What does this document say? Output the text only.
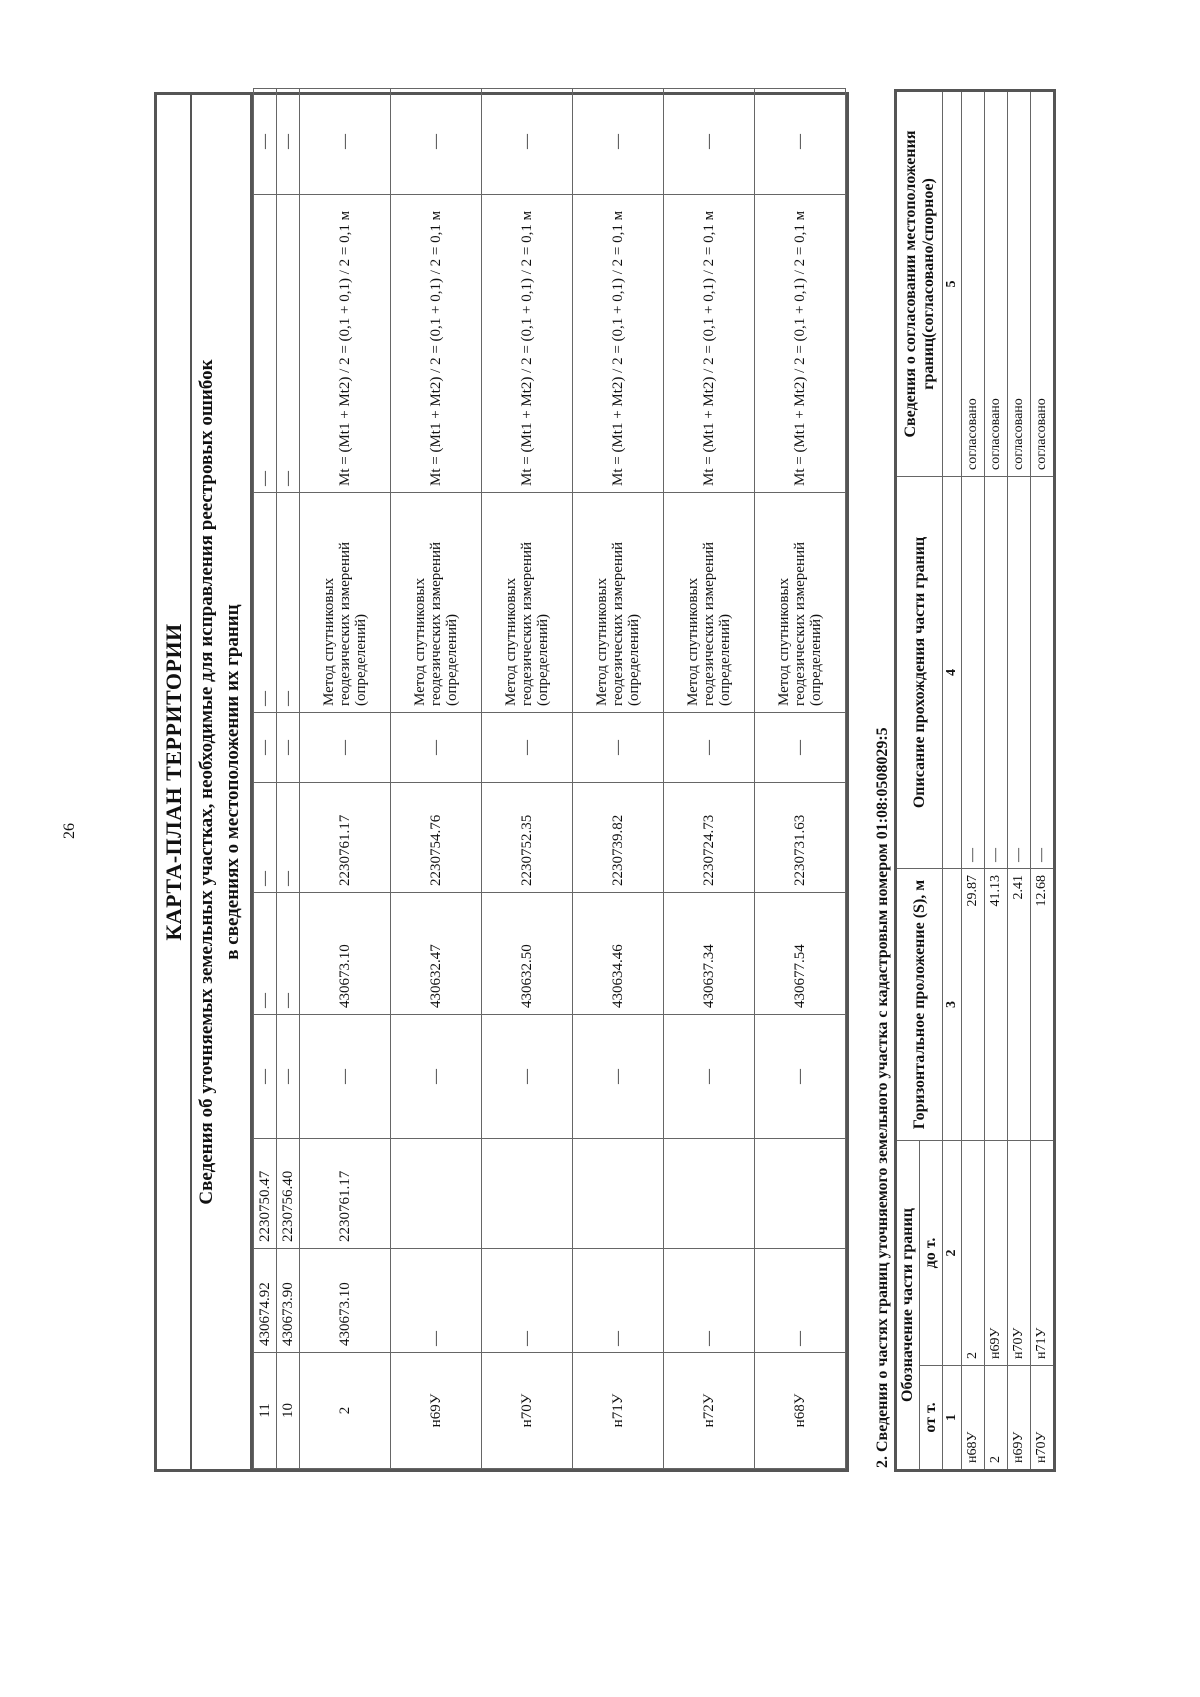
26	КАРТА-ПЛАН ТЕРРИТОРИИ Сведения об уточняемых земельных участках, необходимые для исправления реестровых ошибок в сведениях о местоположении их границ
11	430674.92	2230750.47	—	—	—	—	—	—	—
10	430673.90	2230756.40	—	—	—	—	—	—	—
2	430673.10	2230761.17	—	430673.10	2230761.17	—	Метод спутниковых геодезических измерений (определений)	Mt = (Mt1 + Mt2) / 2 = (0,1 + 0,1) / 2 = 0,1 м	—
н69У	—		—	430632.47	2230754.76	—	Метод спутниковых геодезических измерений (определений)	Mt = (Mt1 + Mt2) / 2 = (0,1 + 0,1) / 2 = 0,1 м	—
н70У	—		—	430632.50	2230752.35	—	Метод спутниковых геодезических измерений (определений)	Mt = (Mt1 + Mt2) / 2 = (0,1 + 0,1) / 2 = 0,1 м	—
н71У	—		—	430634.46	2230739.82	—	Метод спутниковых геодезических измерений (определений)	Mt = (Mt1 + Mt2) / 2 = (0,1 + 0,1) / 2 = 0,1 м	—
н72У	—		—	430637.34	2230724.73	—	Метод спутниковых геодезических измерений (определений)	Mt = (Mt1 + Mt2) / 2 = (0,1 + 0,1) / 2 = 0,1 м	—
н68У	—		—	430677.54	2230731.63	—	Метод спутниковых геодезических измерений (определений)	Mt = (Mt1 + Mt2) / 2 = (0,1 + 0,1) / 2 = 0,1 м	—
2. Сведения о частях границ уточняемого земельного участка с кадастровым номером 01:08:0508029:5 Обозначение части границ		Горизонтальное проложение (S), м	Описание прохождения части границ	Сведения о согласовании местоположения границ(согласовано/спорное)
от т.	до т.			
1	2	3	4	5
н68У	2	29.87	—	согласовано
2	н69У	41.13	—	согласовано
н69У	н70У	2.41	—	согласовано
н70У	н71У	12.68	—	согласовано
